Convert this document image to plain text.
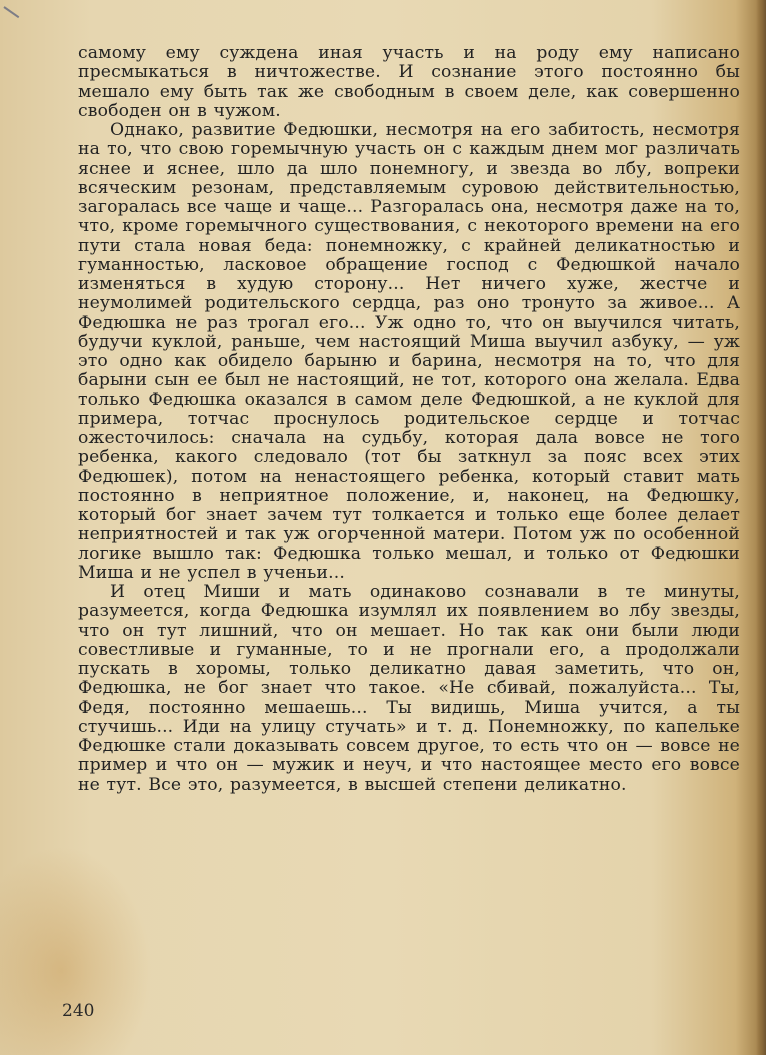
самому ему суждена иная участь и на роду ему написано пресмыкаться в ничтожестве. И сознание этого постоянно бы мешало ему быть так же свободным в своем деле, как совершенно свободен он в чужом.

Однако, развитие Федюшки, несмотря на его забитость, несмотря на то, что свою горемычную участь он с каждым днем мог различать яснее и яснее, шло да шло понемногу, и звезда во лбу, вопреки всяческим резонам, представляемым суровою действительностью, загоралась все чаще и чаще... Разгоралась она, несмотря даже на то, что, кроме горемычного существования, с некоторого времени на его пути стала новая беда: понемножку, с крайней деликатностью и гуманностью, ласковое обращение господ с Федюшкой начало изменяться в худую сторону... Нет ничего хуже, жестче и неумолимей родительского сердца, раз оно тронуто за живое... А Федюшка не раз трогал его... Уж одно то, что он выучился читать, будучи куклой, раньше, чем настоящий Миша выучил азбуку, — уж это одно как обидело барыню и барина, несмотря на то, что для барыни сын ее был не настоящий, не тот, которого она желала. Едва только Федюшка оказался в самом деле Федюшкой, а не куклой для примера, тотчас проснулось родительское сердце и тотчас ожесточилось: сначала на судьбу, которая дала вовсе не того ребенка, какого следовало (тот бы заткнул за пояс всех этих Федюшек), потом на ненастоящего ребенка, который ставит мать постоянно в неприятное положение, и, наконец, на Федюшку, который бог знает зачем тут толкается и только еще более делает неприятностей и так уж огорченной матери. Потом уж по особенной логике вышло так: Федюшка только мешал, и только от Федюшки Миша и не успел в ученьи...

И отец Миши и мать одинаково сознавали в те минуты, разумеется, когда Федюшка изумлял их появлением во лбу звезды, что он тут лишний, что он мешает. Но так как они были люди совестливые и гуманные, то и не прогнали его, а продолжали пускать в хоромы, только деликатно давая заметить, что он, Федюшка, не бог знает что такое. «Не сбивай, пожалуйста... Ты, Федя, постоянно мешаешь... Ты видишь, Миша учится, а ты стучишь... Иди на улицу стучать» и т. д. Понемножку, по капельке Федюшке стали доказывать совсем другое, то есть что он — вовсе не пример и что он — мужик и неуч, и что настоящее место его вовсе не тут. Все это, разумеется, в высшей степени деликатно.

240
